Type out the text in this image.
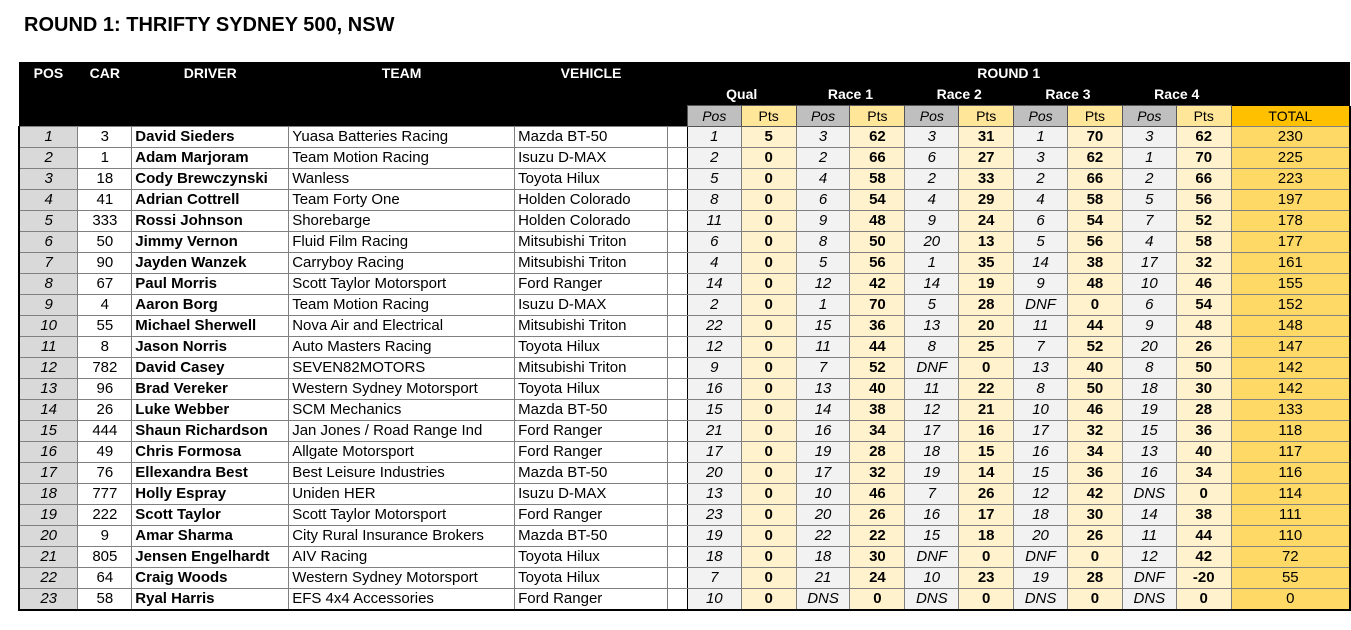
ROUND 1: THRIFTY SYDNEY 500, NSW
POS	CAR	DRIVER	TEAM	VEHICLE	ROUND 1											
						Qual		Race 1		Race 2		Race 3		Race 4		
						Pos	Pts	Pos	Pts	Pos	Pts	Pos	Pts	Pos	Pts	TOTAL
1	3	David Sieders	Yuasa Batteries Racing	Mazda BT-50		1	5	3	62	3	31	1	70	3	62	230
2	1	Adam Marjoram	Team Motion Racing	Isuzu D-MAX		2	0	2	66	6	27	3	62	1	70	225
3	18	Cody Brewczynski	Wanless	Toyota Hilux		5	0	4	58	2	33	2	66	2	66	223
4	41	Adrian Cottrell	Team Forty One	Holden Colorado		8	0	6	54	4	29	4	58	5	56	197
5	333	Rossi Johnson	Shorebarge	Holden Colorado		11	0	9	48	9	24	6	54	7	52	178
6	50	Jimmy Vernon	Fluid Film Racing	Mitsubishi Triton		6	0	8	50	20	13	5	56	4	58	177
7	90	Jayden Wanzek	Carryboy Racing	Mitsubishi Triton		4	0	5	56	1	35	14	38	17	32	161
8	67	Paul Morris	Scott Taylor Motorsport	Ford Ranger		14	0	12	42	14	19	9	48	10	46	155
9	4	Aaron Borg	Team Motion Racing	Isuzu D-MAX		2	0	1	70	5	28	DNF	0	6	54	152
10	55	Michael Sherwell	Nova Air and Electrical	Mitsubishi Triton		22	0	15	36	13	20	11	44	9	48	148
11	8	Jason Norris	Auto Masters Racing	Toyota Hilux		12	0	11	44	8	25	7	52	20	26	147
12	782	David Casey	SEVEN82MOTORS	Mitsubishi Triton		9	0	7	52	DNF	0	13	40	8	50	142
13	96	Brad Vereker	Western Sydney Motorsport	Toyota Hilux		16	0	13	40	11	22	8	50	18	30	142
14	26	Luke Webber	SCM Mechanics	Mazda BT-50		15	0	14	38	12	21	10	46	19	28	133
15	444	Shaun Richardson	Jan Jones / Road Range Ind	Ford Ranger		21	0	16	34	17	16	17	32	15	36	118
16	49	Chris Formosa	Allgate Motorsport	Ford Ranger		17	0	19	28	18	15	16	34	13	40	117
17	76	Ellexandra Best	Best Leisure Industries	Mazda BT-50		20	0	17	32	19	14	15	36	16	34	116
18	777	Holly Espray	Uniden HER	Isuzu D-MAX		13	0	10	46	7	26	12	42	DNS	0	114
19	222	Scott Taylor	Scott Taylor Motorsport	Ford Ranger		23	0	20	26	16	17	18	30	14	38	111
20	9	Amar Sharma	City Rural Insurance Brokers	Mazda BT-50		19	0	22	22	15	18	20	26	11	44	110
21	805	Jensen Engelhardt	AIV Racing	Toyota Hilux		18	0	18	30	DNF	0	DNF	0	12	42	72
22	64	Craig Woods	Western Sydney Motorsport	Toyota Hilux		7	0	21	24	10	23	19	28	DNF	-20	55
23	58	Ryal Harris	EFS 4x4 Accessories	Ford Ranger		10	0	DNS	0	DNS	0	DNS	0	DNS	0	0
